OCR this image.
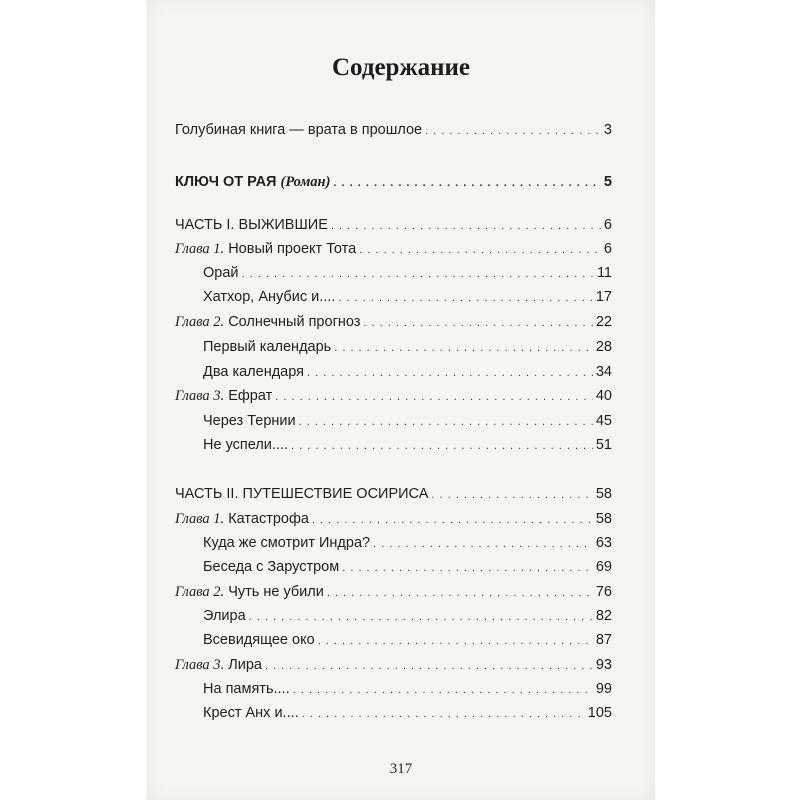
Содержание
317
Голубиная книга — врата в прошлое . . .	3
КЛЮЧ ОТ РАЯ (Роман) . . .	5
ЧАСТЬ I. ВЫЖИВШИЕ . . .	6
Глава 1. Новый проект Тота . . .	6
Орай . . .	11
Хатхор, Анубис и.... . . .	17
Глава 2. Солнечный прогноз . . .	22
Первый календарь . . .	28
Два календаря . . .	34
Глава 3. Ефрат . . .	40
Через Тернии . . .	45
Не успели.... . . .	51
ЧАСТЬ II. ПУТЕШЕСТВИЕ ОСИРИСА . . .	58
Глава 1. Катастрофа . . .	58
Куда же смотрит Индра? . . .	63
Беседа с Зарустром . . .	69
Глава 2. Чуть не убили . . .	76
Элира . . .	82
Всевидящее око . . .	87
Глава 3. Лира . . .	93
На память.... . . .	99
Крест Анх и.... . . .	105
